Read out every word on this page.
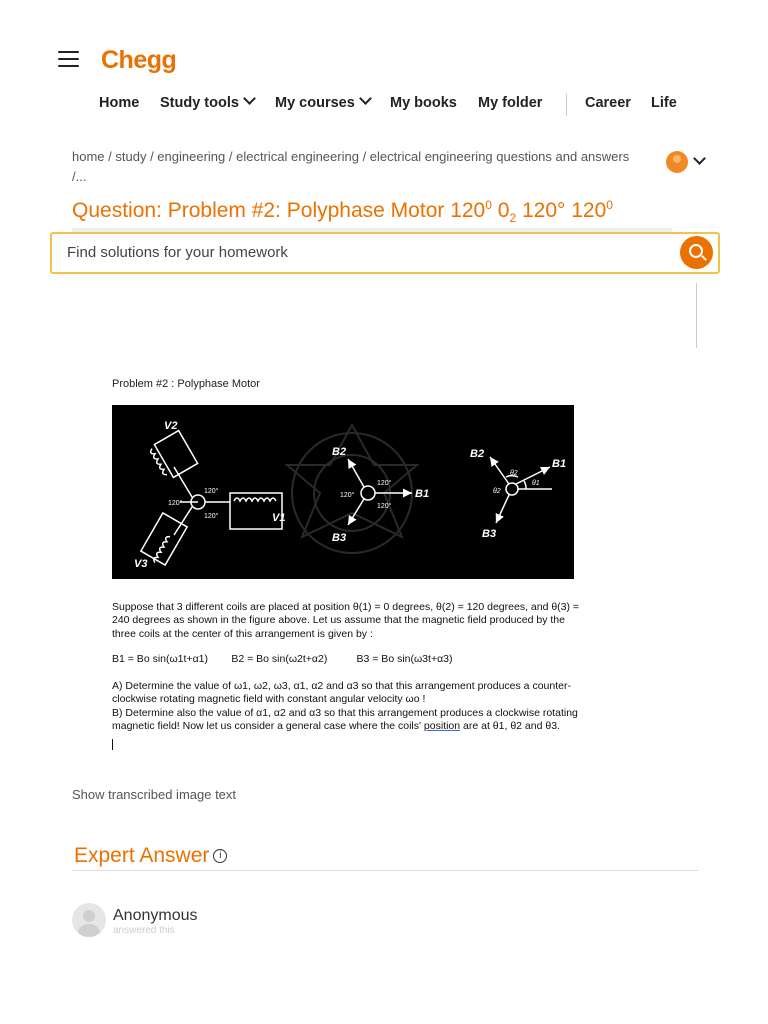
Chegg
Home Study tools	My courses	My books My folder	Career Life
home / study / engineering / electrical engineering / electrical engineering questions and answers /...
Question: Problem #2: Polyphase Motor $120^0$ $0_2$ 120° $120^0$
Find solutions for your homework
Problem #2 : Polyphase Motor
V2
V3
V1
120°
120°
120°
B2
B1
B3
120°
120°
120°
B2
B1
B3
θ2
θ1
θ2

Suppose that 3 different coils are placed at position θ(1) = 0 degrees, θ(2) = 120 degrees, and θ(3) = 240 degrees as shown in the figure above. Let us assume that the magnetic field produced by the three coils at the center of this arrangement is given by :

B1 = Bo sin(ω1t+α1) B2 = Bo sin(ω2t+α2)	B3 = Bo sin(ω3t+α3)

A) Determine the value of ω1, ω2, ω3, α1, α2 and α3 so that this arrangement produces a counter-clockwise rotating magnetic field with constant angular velocity ωo !

B) Determine also the value of α1, α2 and α3 so that this arrangement produces a clockwise rotating magnetic field! Now let us consider a general case where the coils' position are at θ1, θ2 and θ3.

Show transcribed image text
Expert Answer i
Anonymous
answered this
